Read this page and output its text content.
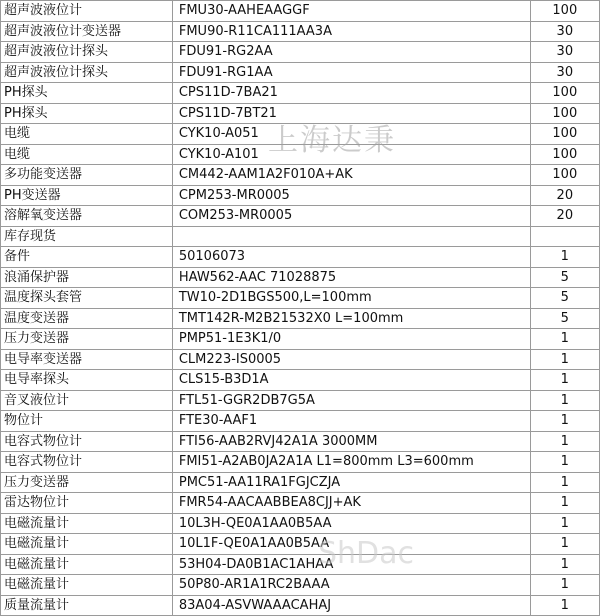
超声波液位计	FMU30-AAHEAAGGF	100
超声波液位计变送器	FMU90-R11CA111AA3A	30
超声波液位计探头	FDU91-RG2AA	30
超声波液位计探头	FDU91-RG1AA	30
PH探头	CPS11D-7BA21	100
PH探头	CPS11D-7BT21	100
电缆	CYK10-A051	100
电缆	CYK10-A101	100
多功能变送器	CM442-AAM1A2F010A+AK	100
PH变送器	CPM253-MR0005	20
溶解氧变送器	COM253-MR0005	20
库存现货		
备件	50106073	1
浪涌保护器	HAW562-AAC 71028875	5
温度探头套管	TW10-2D1BGS500,L=100mm	5
温度变送器	TMT142R-M2B21532X0 L=100mm	5
压力变送器	PMP51-1E3K1/0	1
电导率变送器	CLM223-IS0005	1
电导率探头	CLS15-B3D1A	1
音叉液位计	FTL51-GGR2DB7G5A	1
物位计	FTE30-AAF1	1
电容式物位计	FTI56-AAB2RVJ42A1A 3000MM	1
电容式物位计	FMI51-A2AB0JA2A1A L1=800mm L3=600mm	1
压力变送器	PMC51-AA11RA1FGJCZJA	1
雷达物位计	FMR54-AACAABBEA8CJJ+AK	1
电磁流量计	10L3H-QE0A1AA0B5AA	1
电磁流量计	10L1F-QE0A1AA0B5AA	1
电磁流量计	53H04-DA0B1AC1AHAA	1
电磁流量计	50P80-AR1A1RC2BAAA	1
质量流量计	83A04-ASVWAAACAHAJ	1
上海达秉
ShDac
